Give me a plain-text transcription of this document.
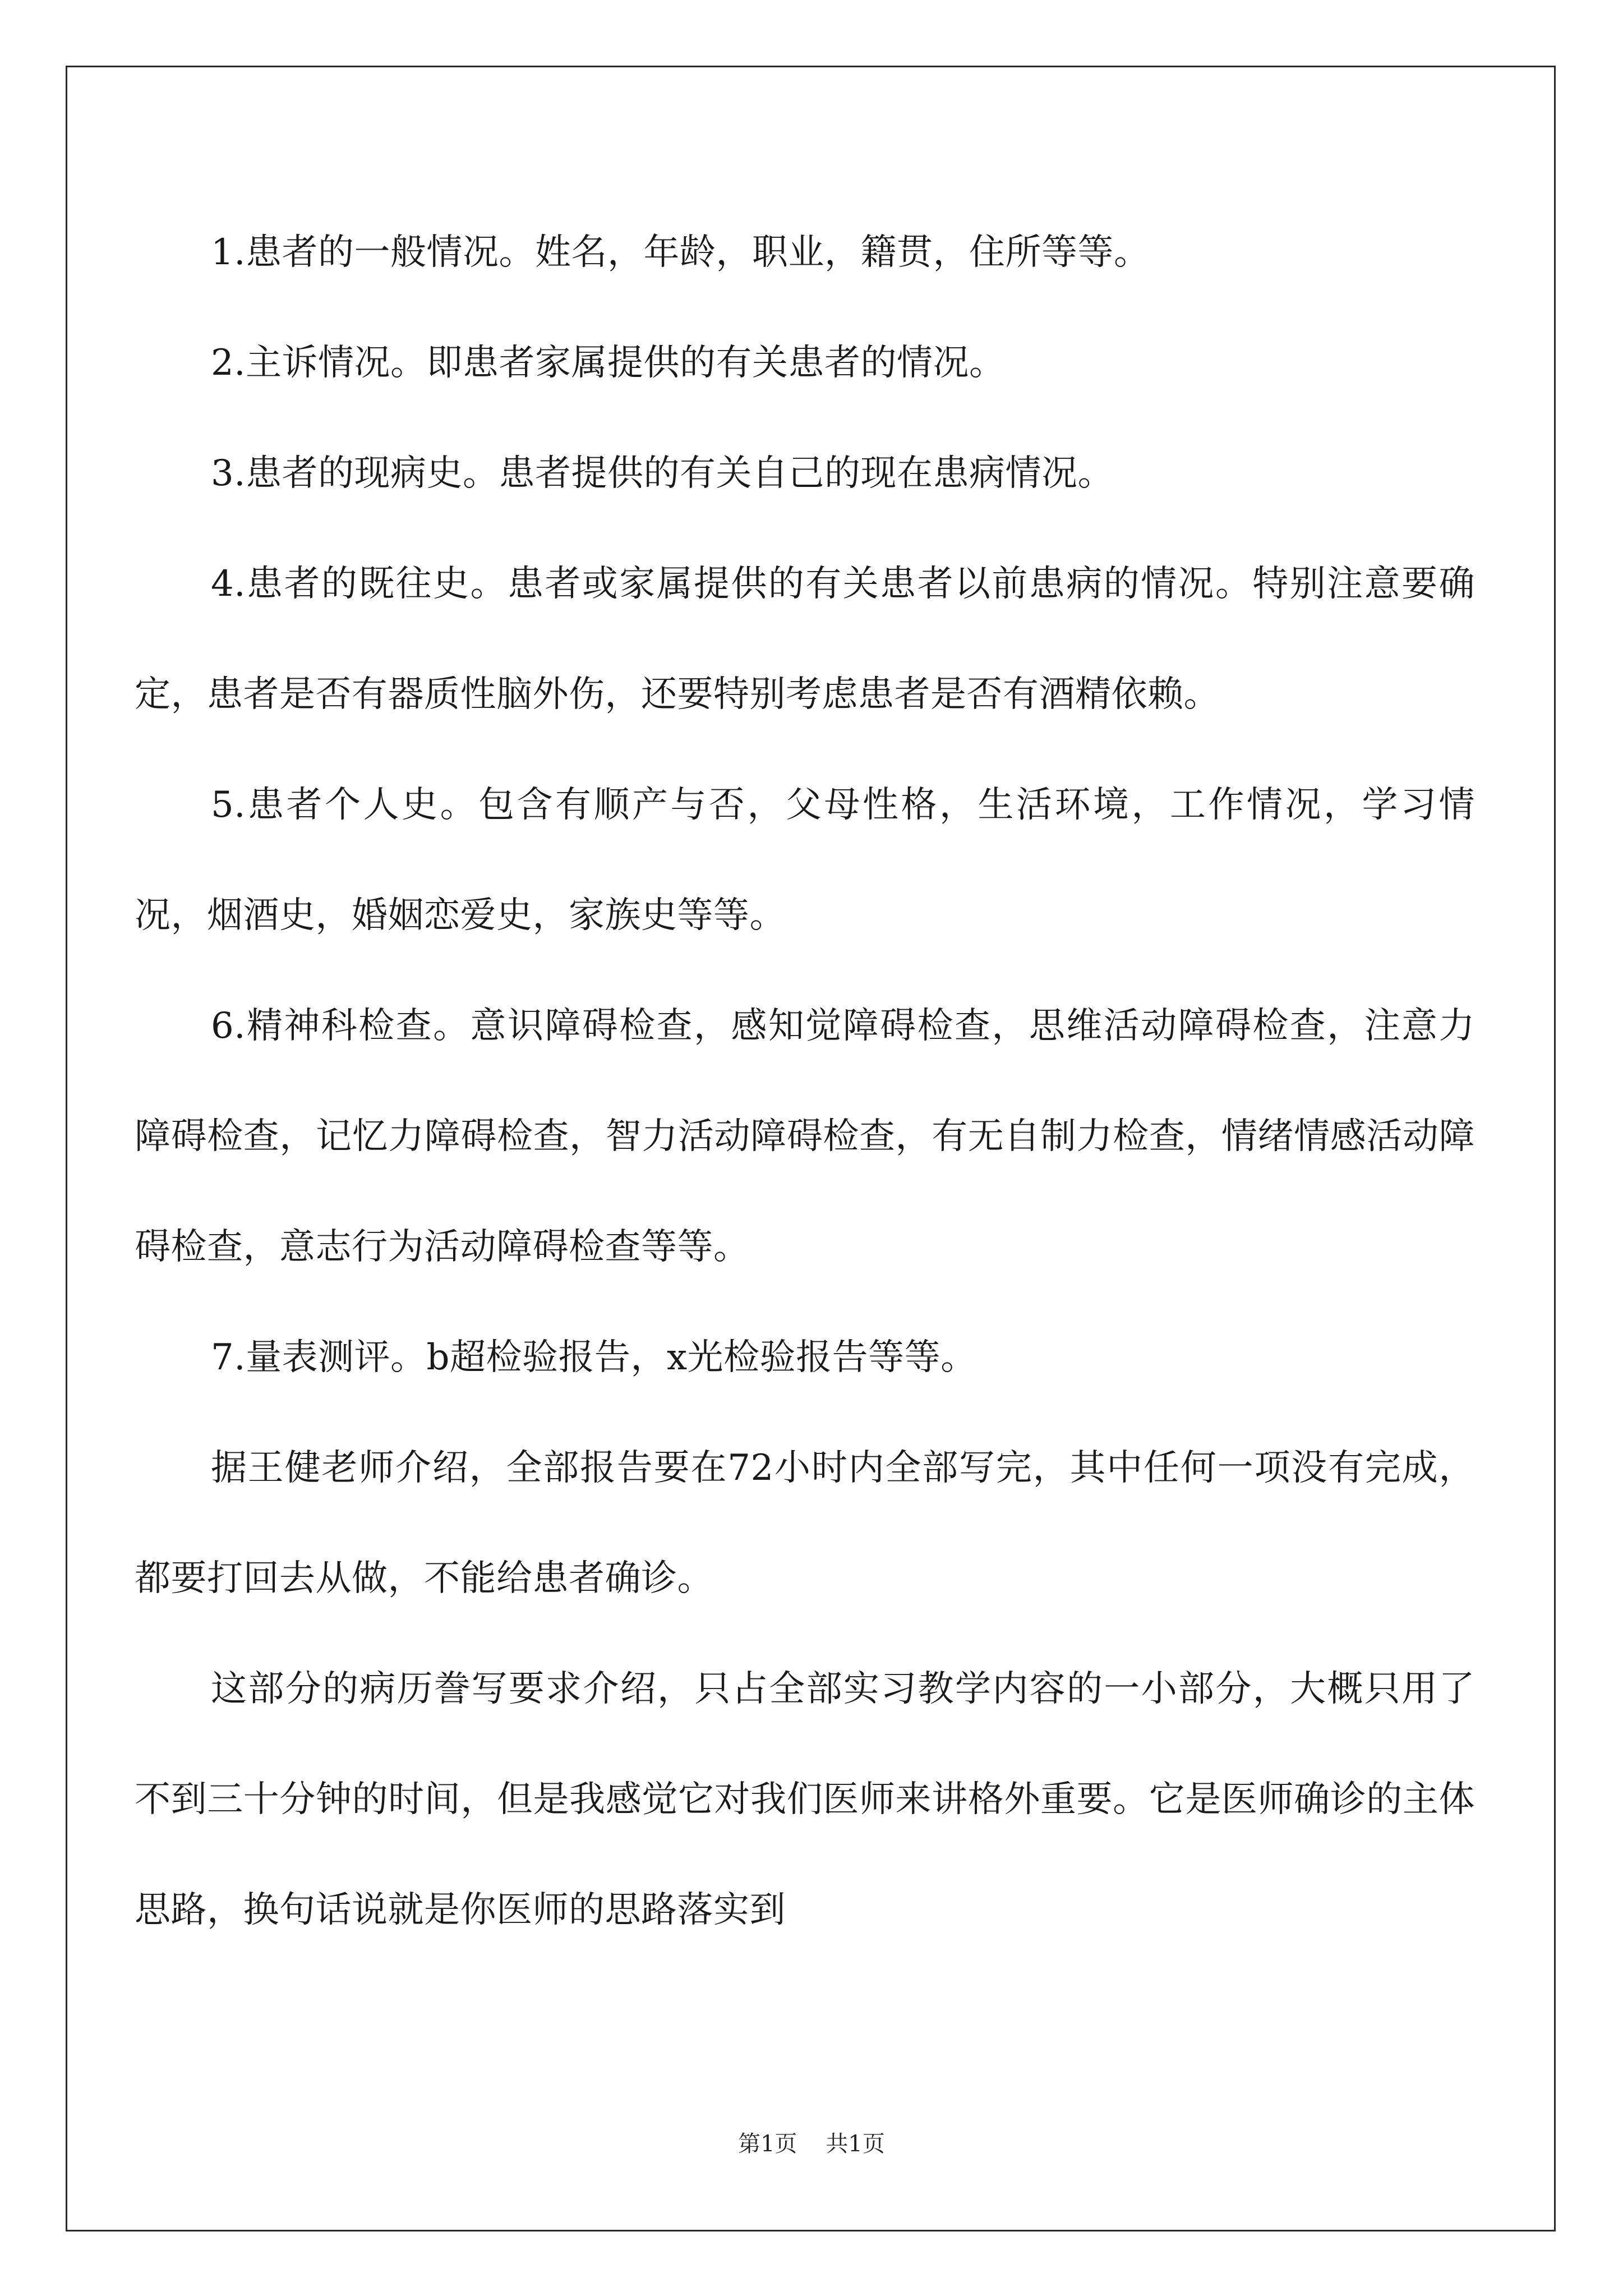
1.患者的一般情况。姓名，年龄，职业，籍贯，住所等等。

2.主诉情况。即患者家属提供的有关患者的情况。

3.患者的现病史。患者提供的有关自己的现在患病情况。

4.患者的既往史。患者或家属提供的有关患者以前患病的情况。特别注意要确定，患者是否有器质性脑外伤，还要特别考虑患者是否有酒精依赖。

5.患者个人史。包含有顺产与否，父母性格，生活环境，工作情况，学习情况，烟酒史，婚姻恋爱史，家族史等等。

6.精神科检查。意识障碍检查，感知觉障碍检查，思维活动障碍检查，注意力障碍检查，记忆力障碍检查，智力活动障碍检查，有无自制力检查，情绪情感活动障碍检查，意志行为活动障碍检查等等。

7.量表测评。b超检验报告，x光检验报告等等。

据王健老师介绍，全部报告要在72小时内全部写完，其中任何一项没有完成，都要打回去从做，不能给患者确诊。

这部分的病历誊写要求介绍，只占全部实习教学内容的一小部分，大概只用了不到三十分钟的时间，但是我感觉它对我们医师来讲格外重要。它是医师确诊的主体思路，换句话说就是你医师的思路落实到

第1页 共1页
